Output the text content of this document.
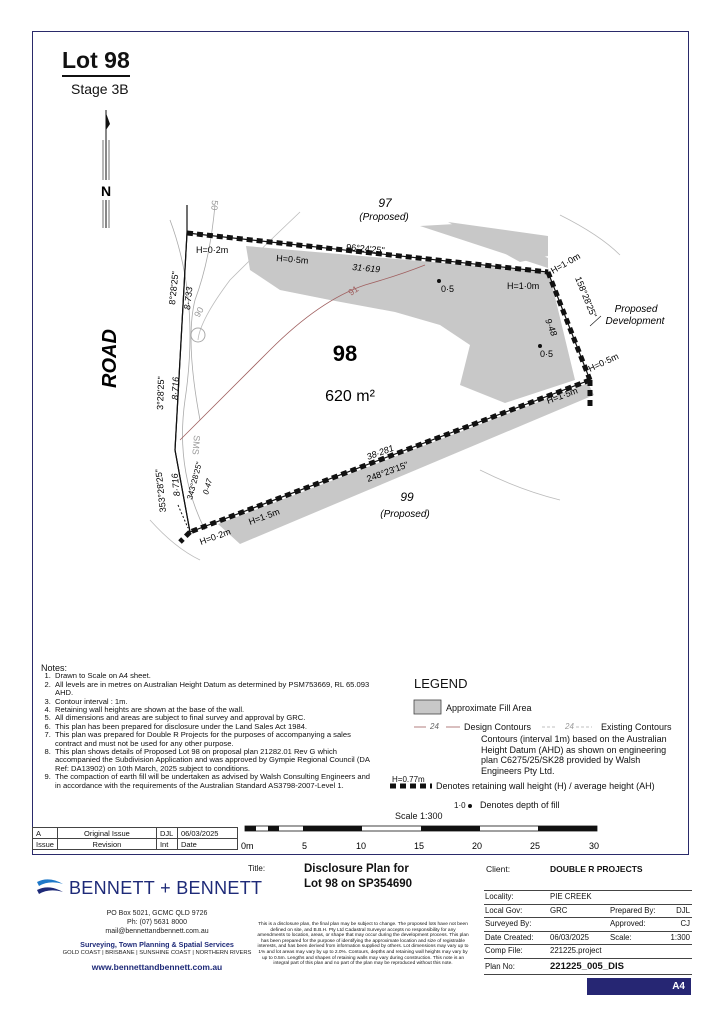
Lot 98
Stage 3B
N
ROAD
97
(Proposed)
99
(Proposed)
Proposed
Development
98
620 m²
96°24'25"
31·619
158°28'25"
9·48
248°23'15"
38·281
8°28'25" 8·733
3°28'25" 8·716
353°28'25" 8·716 343°28'25"
0·47
H=0·2m
H=0·5m
H=1·0m
H=1·0m
H=0·5m
H=1·5m
H=1·5m
H=0·2m
0·5
0·5
91
90
50
SMS
0m	5	10	15	20	25	30
Notes:
1. Drawn to Scale on A4 sheet.
2. All levels are in metres on Australian Height Datum as determined by PSM753669, RL 65.093 AHD.
3. Contour interval : 1m.
4. Retaining wall heights are shown at the base of the wall.
5. All dimensions and areas are subject to final survey and approval by GRC.
6. This plan has been prepared for disclosure under the Land Sales Act 1984.
7. This plan was prepared for Double R Projects for the purposes of accompanying a sales contract and must not be used for any other purpose.
8. This plan shows details of Proposed Lot 98 on proposal plan 21282.01 Rev G which accompanied the Subdivision Application and was approved by Gympie Regional Council (DA Ref: DA13902) on 10th March, 2025 subject to conditions.
9. The compaction of earth fill will be undertaken as advised by Walsh Consulting Engineers and in accordance with the requirements of the Australian Standard AS3798-2007-Level 1.
LEGEND
Approximate Fill Area
24	Design Contours	24	Existing Contours
Contours (interval 1m) based on the Australian Height Datum (AHD) as shown on engineering plan C6275/25/SK28 provided by Walsh Engineers Pty Ltd.
H=0.77m
Denotes retaining wall height (H) / average height (AH)
1·0 Denotes depth of fill
Scale 1:300
A	Original Issue	DJL	06/03/2025
Issue	Revision	Int	Date
BENNETT + BENNETT
PO Box 5021, GCMC QLD 9726
Ph: (07) 5631 8000
mail@bennettandbennett.com.au
Surveying, Town Planning & Spatial Services
GOLD COAST | BRISBANE | SUNSHINE COAST | NORTHERN RIVERS
www.bennettandbennett.com.au
Title:	Disclosure Plan for
Lot 98 on SP354690
This is a disclosure plan, the final plan may be subject to change. The proposed lots have not been defined on site, and B.B.H. Pty Ltd Cadastral Surveyor accepts no responsibility for any amendments to location, areas, or shape that may occur during the development process. This plan has been prepared for the purpose of identifying the approximate location and size of registrable interests, and has been derived from information supplied by others. Lot dimensions may vary up to 1% and lot areas may vary by up to 2.0%. Contours, depths and retaining wall heights may vary by up to 0.5m. Lengths and shapes of retaining walls may vary during construction. This note is an integral part of this plan and no part of the plan may be reproduced without this note.
Client:	DOUBLE R PROJECTS
Locality:	PIE CREEK
Local Gov:	GRC	Prepared By:	DJL
Surveyed By:	Approved:	CJ
Date Created: 06/03/2025	Scale:	1:300
Comp File:	221225.project
Plan No:	221225_005_DIS
A4
